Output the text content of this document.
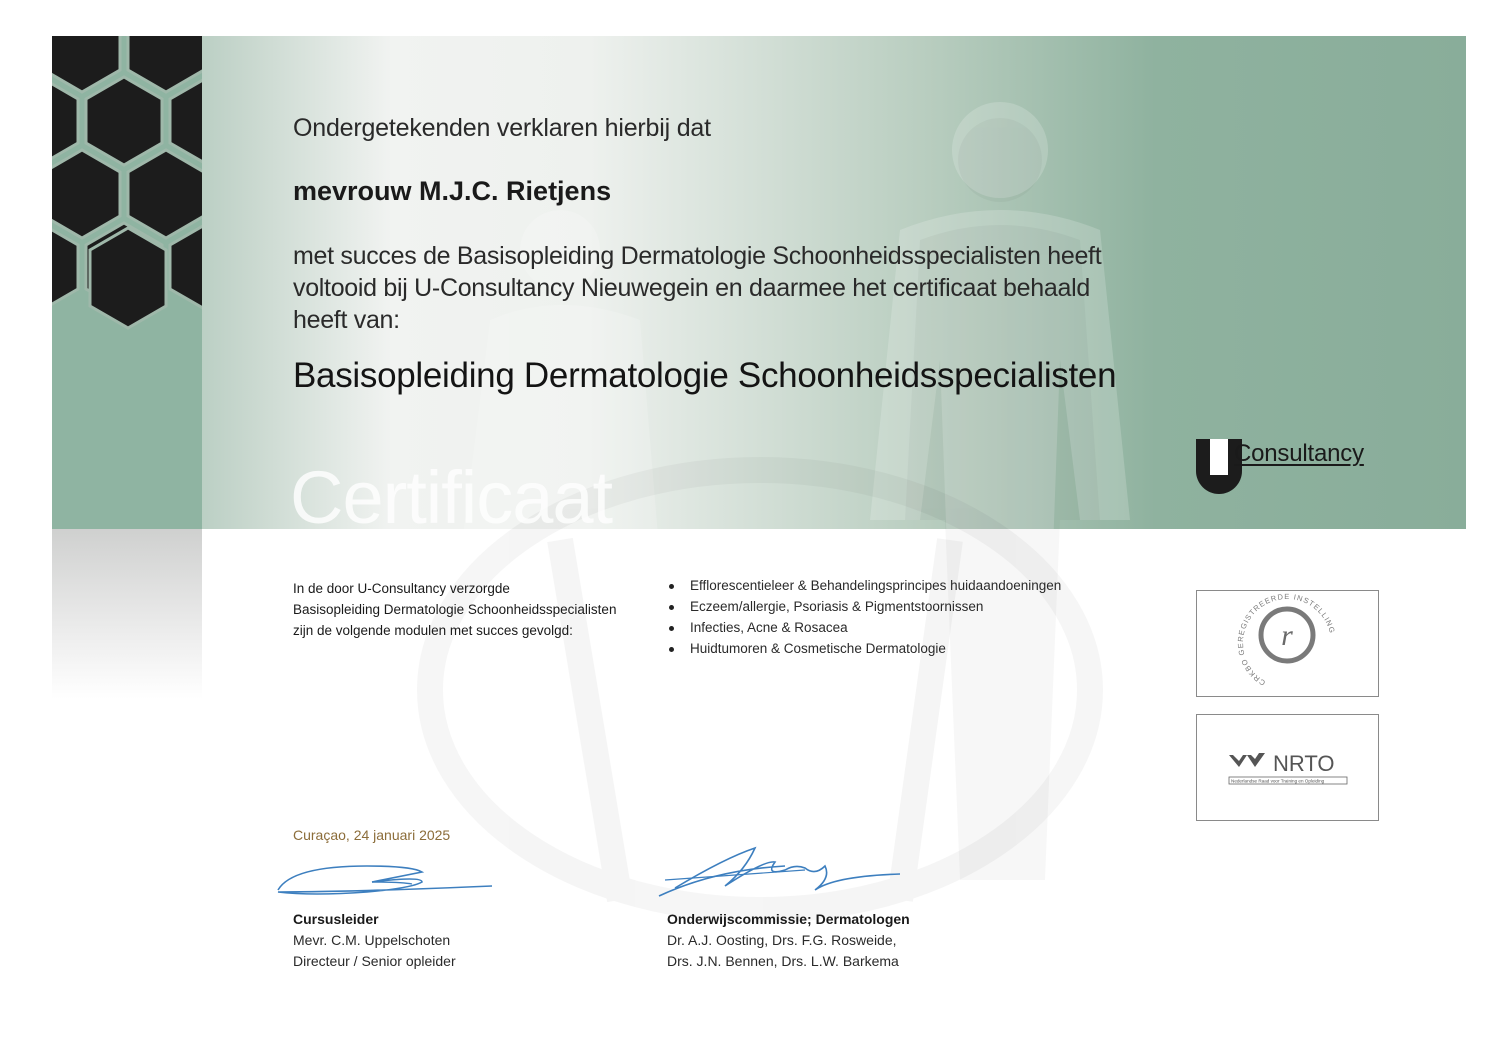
Certificaat
Ondergetekenden verklaren hierbij dat
mevrouw M.J.C. Rietjens
met succes de Basisopleiding Dermatologie Schoonheidsspecialisten heeft
voltooid bij U-Consultancy Nieuwegein en daarmee het certificaat behaald
heeft van:
Basisopleiding Dermatologie Schoonheidsspecialisten
Consultancy
In de door U-Consultancy verzorgde
Basisopleiding Dermatologie Schoonheidsspecialisten
zijn de volgende modulen met succes gevolgd:
Efflorescentieleer & Behandelingsprincipes huidaandoeningen
Eczeem/allergie, Psoriasis & Pigmentstoornissen
Infecties, Acne & Rosacea
Huidtumoren & Cosmetische Dermatologie	r
CRKBO GEREGISTREERDE INSTELLING
NRTO
Nederlandse Raad voor Training en Opleiding
Curaçao, 24 januari 2025
Cursusleider
Mevr. C.M. Uppelschoten
Directeur / Senior opleider
Onderwijscommissie; Dermatologen
Dr. A.J. Oosting, Drs. F.G. Rosweide,
Drs. J.N. Bennen, Drs. L.W. Barkema
